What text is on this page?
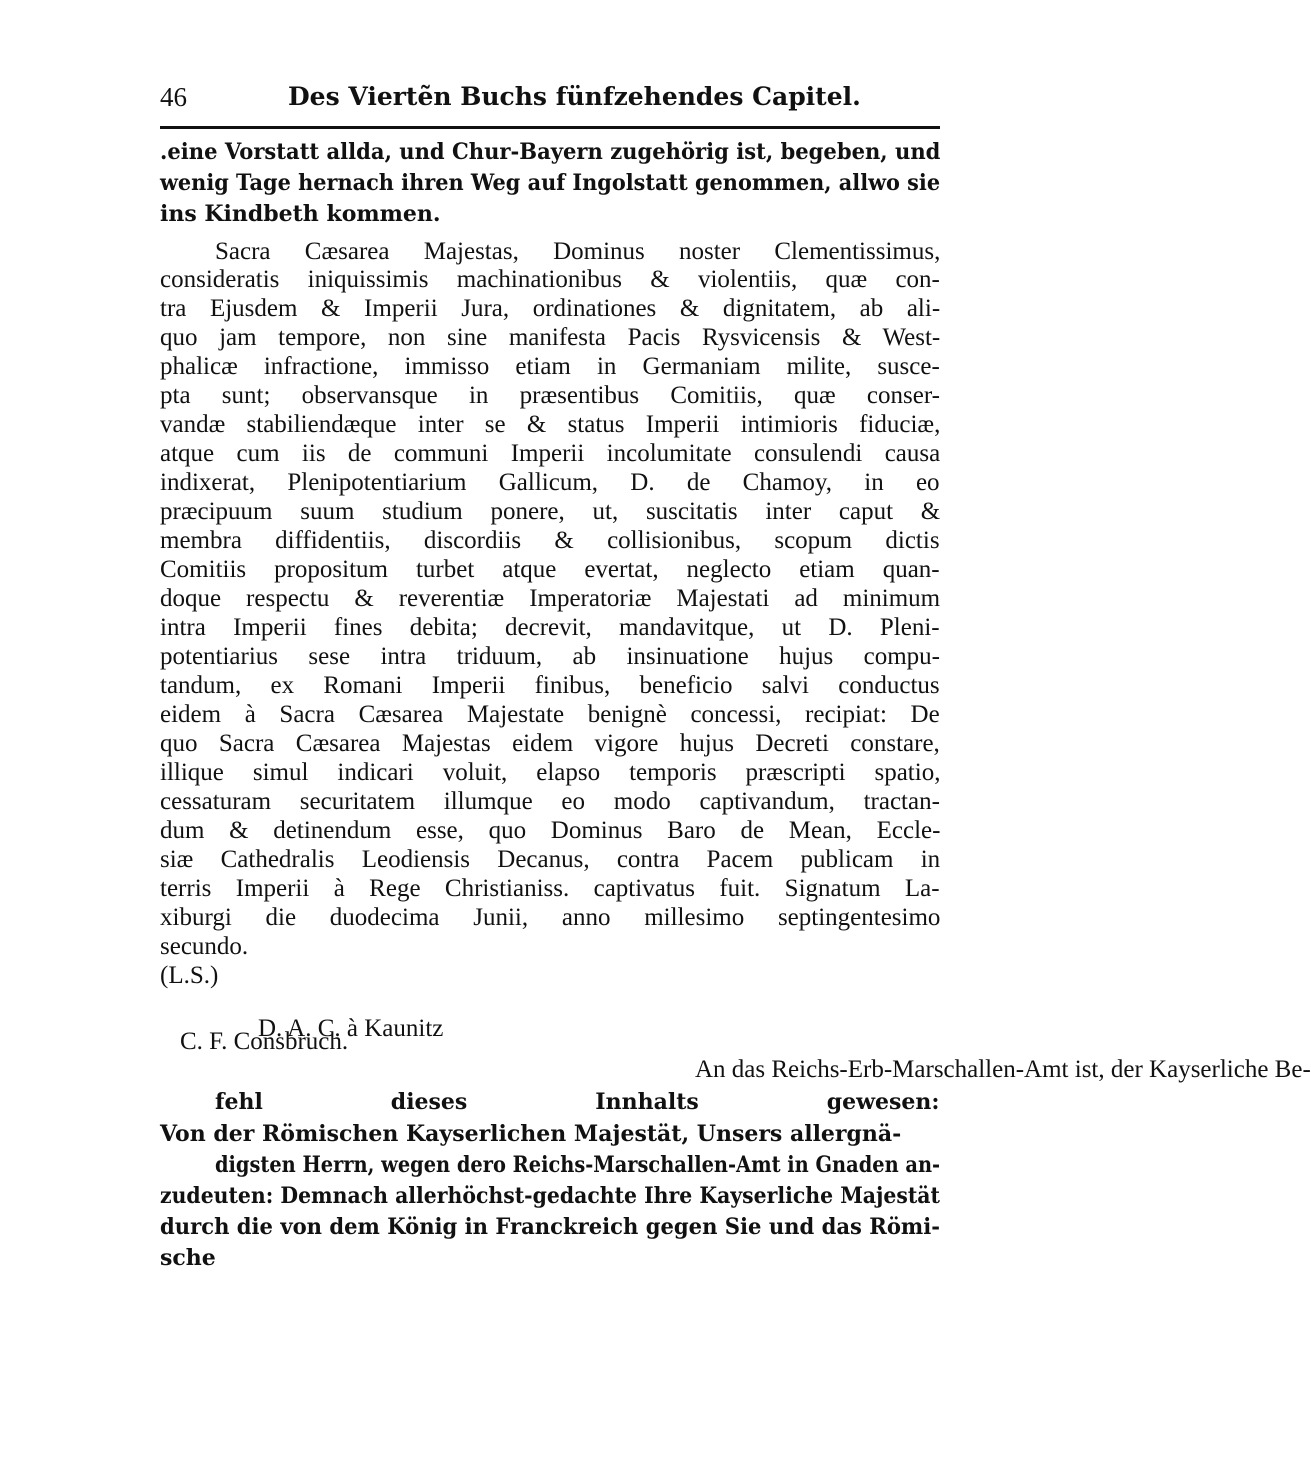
46	Des Viertẽn Buchs fünfzehendes Capitel.
.eine Vorstatt allda, und Chur-Bayern zugehörig ist, begeben, und
wenig Tage hernach ihren Weg auf Ingolstatt genommen, allwo sie
ins Kindbeth kommen.
Sacra Cæsarea Majestas, Dominus noster Clementissimus,
consideratis iniquissimis machinationibus & violentiis, quæ con-
tra Ejusdem & Imperii Jura, ordinationes & dignitatem, ab ali-
quo jam tempore, non sine manifesta Pacis Rysvicensis & West-
phalicæ infractione, immisso etiam in Germaniam milite, susce-
pta sunt; observansque in præsentibus Comitiis, quæ conser-
vandæ stabiliendæque inter se & status Imperii intimioris fiduciæ,
atque cum iis de communi Imperii incolumitate consulendi causa
indixerat, Plenipotentiarium Gallicum, D. de Chamoy, in eo
præcipuum suum studium ponere, ut, suscitatis inter caput &
membra diffidentiis, discordiis & collisionibus, scopum dictis
Comitiis propositum turbet atque evertat, neglecto etiam quan-
doque respectu & reverentiæ Imperatoriæ Majestati ad minimum
intra Imperii fines debita; decrevit, mandavitque, ut D. Pleni-
potentiarius sese intra triduum, ab insinuatione hujus compu-
tandum, ex Romani Imperii finibus, beneficio salvi conductus
eidem à Sacra Cæsarea Majestate benignè concessi, recipiat: De
quo Sacra Cæsarea Majestas eidem vigore hujus Decreti constare,
illique simul indicari voluit, elapso temporis præscripti spatio,
cessaturam securitatem illumque eo modo captivandum, tractan-
dum & detinendum esse, quo Dominus Baro de Mean, Eccle-
siæ Cathedralis Leodiensis Decanus, contra Pacem publicam in
terris Imperii à Rege Christianiss. captivatus fuit. Signatum La-
xiburgi die duodecima Junii, anno millesimo septingentesimo
secundo.
(L.S.)
D. A. C. à Kaunitz
C. F. Consbruch.
An das Reichs-Erb-Marschallen-Amt ist, der Kayserliche Be-
fehl dieses Innhalts gewesen:
Von der Römischen Kayserlichen Majestät, Unsers allergnä-
digsten Herrn, wegen dero Reichs-Marschallen-Amt in Gnaden an-
zudeuten: Demnach allerhöchst-gedachte Ihre Kayserliche Majestät
durch die von dem König in Franckreich gegen Sie und das Römi-
sche
